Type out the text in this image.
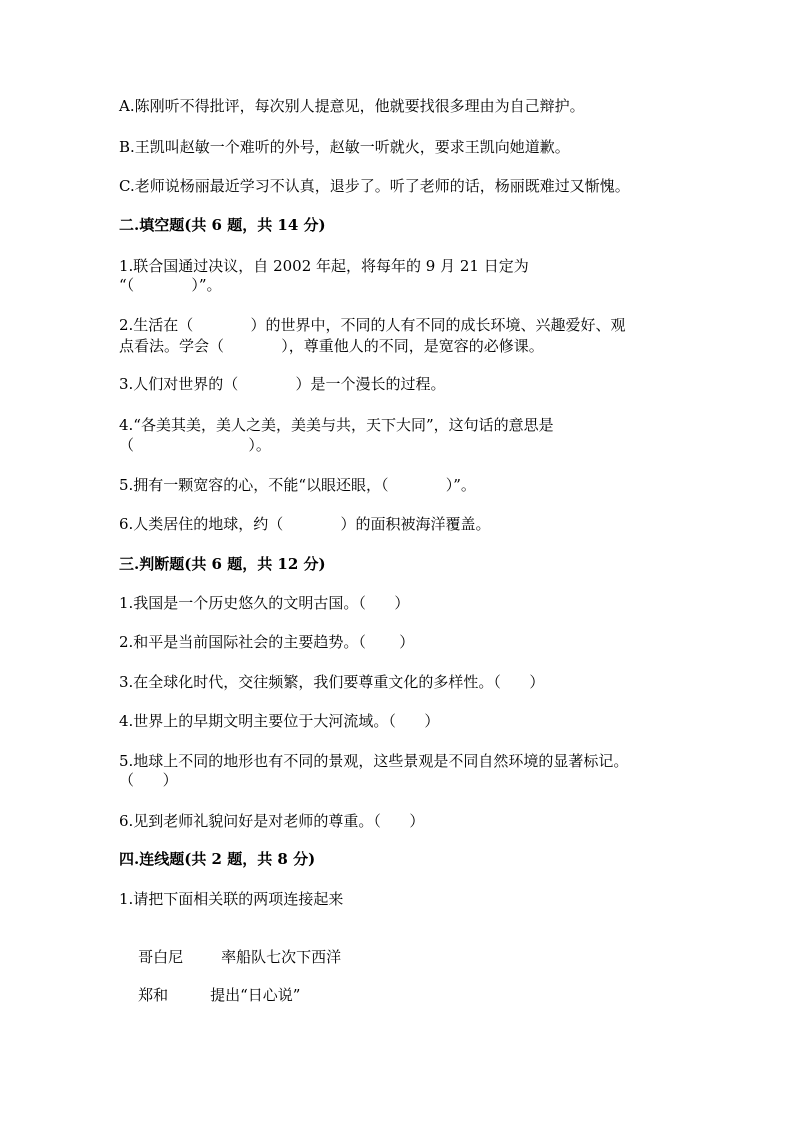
A.陈刚听不得批评，每次别人提意见，他就要找很多理由为自己辩护。
B.王凯叫赵敏一个难听的外号，赵敏一听就火，要求王凯向她道歉。
C.老师说杨丽最近学习不认真，退步了。听了老师的话，杨丽既难过又惭愧。
二.填空题(共 6 题，共 14 分)
1.联合国通过决议，自 2002 年起，将每年的 9 月 21 日定为
“（            ）”。
2.生活在（            ）的世界中，不同的人有不同的成长环境、兴趣爱好、观
点看法。学会（            ），尊重他人的不同，是宽容的必修课。
3.人们对世界的（            ）是一个漫长的过程。
4.“各美其美，美人之美，美美与共，天下大同”，这句话的意思是
（                        ）。
5.拥有一颗宽容的心，不能“以眼还眼，（            ）”。
6.人类居住的地球，约（            ）的面积被海洋覆盖。
三.判断题(共 6 题，共 12 分)
1.我国是一个历史悠久的文明古国。（      ）
2.和平是当前国际社会的主要趋势。（       ）
3.在全球化时代，交往频繁，我们要尊重文化的多样性。（      ）
4.世界上的早期文明主要位于大河流域。（      ）
5.地球上不同的地形也有不同的景观，这些景观是不同自然环境的显著标记。
（      ）
6.见到老师礼貌问好是对老师的尊重。（      ）
四.连线题(共 2 题，共 8 分)
1.请把下面相关联的两项连接起来

哥白尼	率船队七次下西洋

郑和	提出“日心说”
